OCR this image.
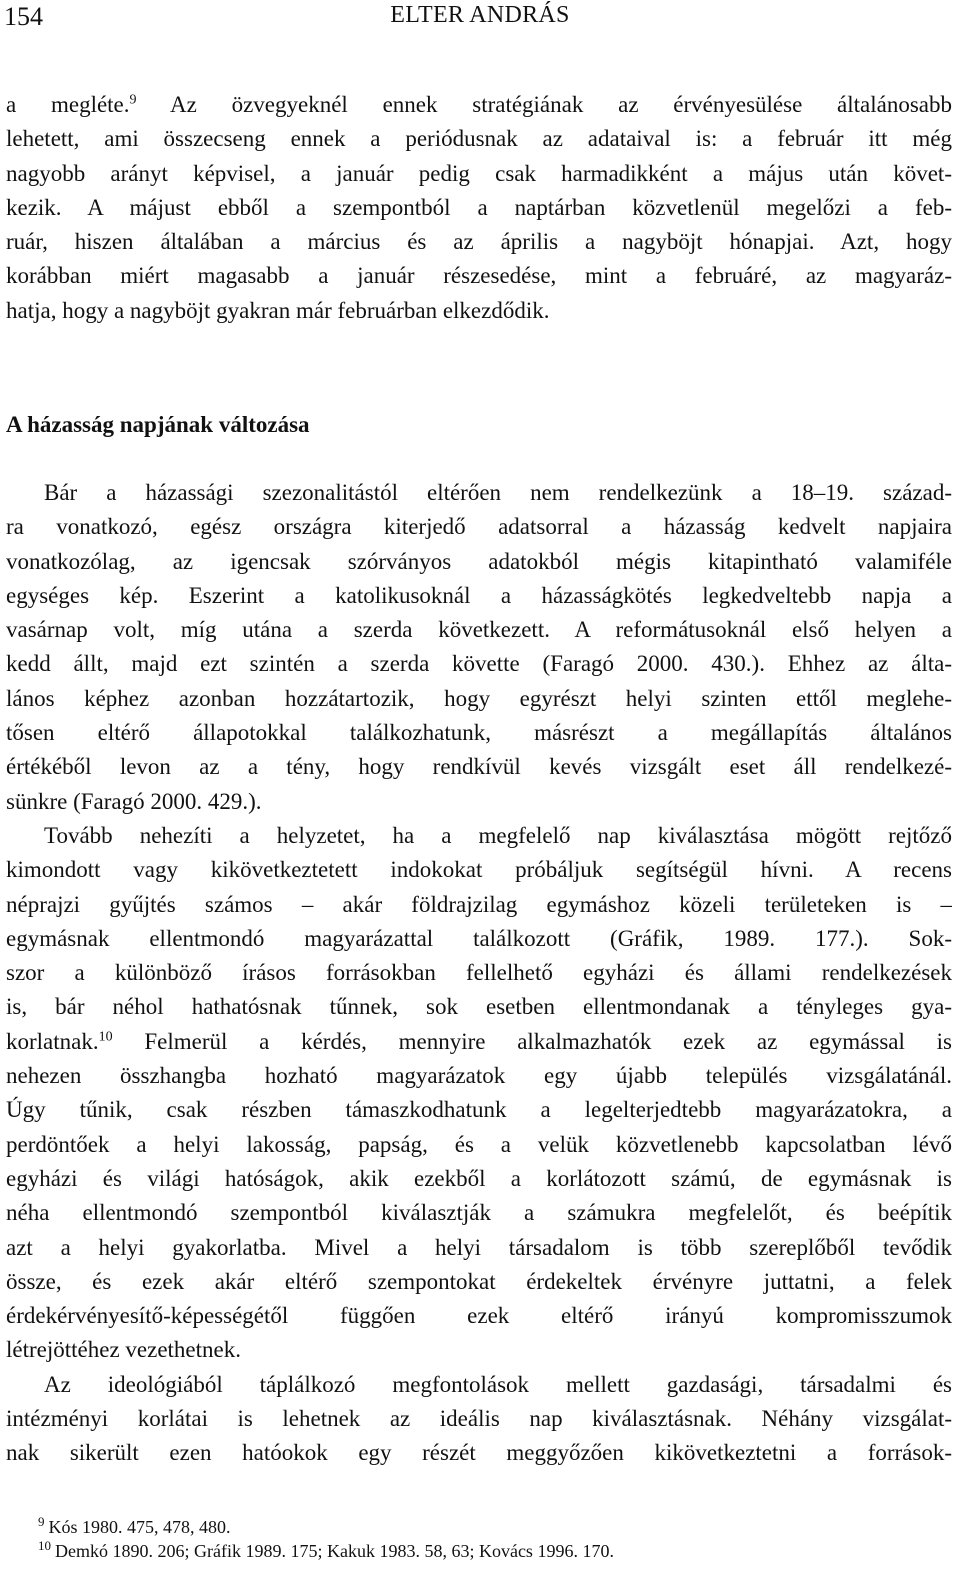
154	ELTER ANDRÁS

a megléte.$^9$ Az özvegyeknél ennek stratégiának az érvényesülése általánosabb

lehetett, ami összecseng ennek a periódusnak az adataival is: a február itt még

nagyobb arányt képvisel, a január pedig csak harmadikként a május után követ-

kezik. A májust ebből a szempontból a naptárban közvetlenül megelőzi a feb-

ruár, hiszen általában a március és az április a nagyböjt hónapjai. Azt, hogy

korábban miért magasabb a január részesedése, mint a februáré, az magyaráz-

hatja, hogy a nagyböjt gyakran már februárban elkezdődik.

A házasság napjának változása

Bár a házassági szezonalitástól eltérően nem rendelkezünk a 18–19. század-

ra vonatkozó, egész országra kiterjedő adatsorral a házasság kedvelt napjaira

vonatkozólag, az igencsak szórványos adatokból mégis kitapintható valamiféle

egységes kép. Eszerint a katolikusoknál a házasságkötés legkedveltebb napja a

vasárnap volt, míg utána a szerda következett. A reformátusoknál első helyen a

kedd állt, majd ezt szintén a szerda követte (Faragó 2000. 430.). Ehhez az álta-

lános képhez azonban hozzátartozik, hogy egyrészt helyi szinten ettől meglehe-

tősen eltérő állapotokkal találkozhatunk, másrészt a megállapítás általános

értékéből levon az a tény, hogy rendkívül kevés vizsgált eset áll rendelkezé-

sünkre (Faragó 2000. 429.).

Tovább nehezíti a helyzetet, ha a megfelelő nap kiválasztása mögött rejtőző

kimondott vagy kikövetkeztetett indokokat próbáljuk segítségül hívni. A recens

néprajzi gyűjtés számos – akár földrajzilag egymáshoz közeli területeken is –

egymásnak ellentmondó magyarázattal találkozott (Gráfik, 1989. 177.). Sok-

szor a különböző írásos forrásokban fellelhető egyházi és állami rendelkezések

is, bár néhol hathatósnak tűnnek, sok esetben ellentmondanak a tényleges gya-

korlatnak.$^{10}$ Felmerül a kérdés, mennyire alkalmazhatók ezek az egymással is

nehezen összhangba hozható magyarázatok egy újabb település vizsgálatánál.

Úgy tűnik, csak részben támaszkodhatunk a legelterjedtebb magyarázatokra, a

perdöntőek a helyi lakosság, papság, és a velük közvetlenebb kapcsolatban lévő

egyházi és világi hatóságok, akik ezekből a korlátozott számú, de egymásnak is

néha ellentmondó szempontból kiválasztják a számukra megfelelőt, és beépítik

azt a helyi gyakorlatba. Mivel a helyi társadalom is több szereplőből tevődik

össze, és ezek akár eltérő szempontokat érdekeltek érvényre juttatni, a felek

érdekérvényesítő-képességétől függően ezek eltérő irányú kompromisszumok

létrejöttéhez vezethetnek.

Az ideológiából táplálkozó megfontolások mellett gazdasági, társadalmi és

intézményi korlátai is lehetnek az ideális nap kiválasztásnak. Néhány vizsgálat-

nak sikerült ezen hatóokok egy részét meggyőzően kikövetkeztetni a források-

$^9$ Kós 1980. 475, 478, 480.
$^{10}$ Demkó 1890. 206; Gráfik 1989. 175; Kakuk 1983. 58, 63; Kovács 1996. 170.
